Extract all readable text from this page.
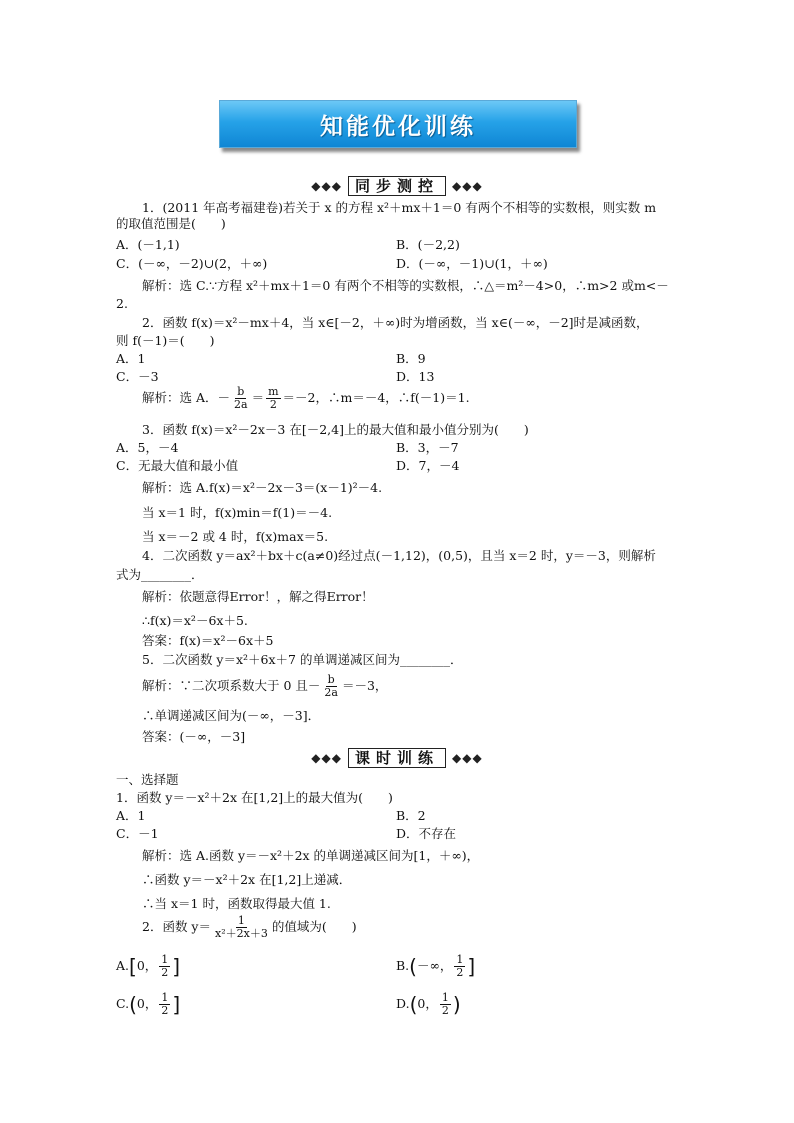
知能优化训练
◆◆◆ 同步测控	◆◆◆
1．(2011 年高考福建卷)若关于 x 的方程 x²＋mx＋1＝0 有两个不相等的实数根，则实数 m
的取值范围是(　　)
A．(－1,1)	B．(－2,2)
C．(－∞，－2)∪(2，＋∞)	D．(－∞，－1)∪(1，＋∞)
解析：选 C.∵方程 x²＋mx＋1＝0 有两个不相等的实数根，∴△＝m²－4>0，∴m>2 或m<－
2.
2．函数 f(x)＝x²－mx＋4，当 x∈[－2，＋∞)时为增函数，当 x∈(－∞，－2]时是减函数，
则 f(－1)＝(　　)
A．1	B．9
C．－3	D．13
解析：选 A．－ $\frac{b}{2a} = \frac{m}{2} =-2$，∴m＝－4，∴f(－1)＝1.
3．函数 f(x)＝x²－2x－3 在[－2,4]上的最大值和最小值分别为(　　)
A．5，－4	B．3，－7
C．无最大值和最小值	D．7，－4
解析：选 A.f(x)＝x²－2x－3＝(x－1)²－4.
当 x＝1 时，f(x)min＝f(1)＝－4.
当 x＝－2 或 4 时，f(x)max＝5.
4．二次函数 y＝ax²＋bx＋c(a≠0)经过点(－1,12)，(0,5)，且当 x＝2 时，y＝－3，则解析
式为________．
解析：依题意得Error！，解之得Error！
∴f(x)＝x²－6x＋5.
答案：f(x)＝x²－6x＋5
5．二次函数 y＝x²＋6x＋7 的单调递减区间为________．
解析：∵二次项系数大于 0 且－ $\frac{b}{2a} =-3$，
∴单调递减区间为(－∞，－3]．
答案：(－∞，－3]
◆◆◆ 课时训练	◆◆◆
一、选择题
1．函数 y＝－x²＋2x 在[1,2]上的最大值为(　　)
A．1	B．2
C．－1	D．不存在
解析：选 A.函数 y＝－x²＋2x 的单调递减区间为[1，＋∞)，
∴函数 y＝－x²＋2x 在[1,2]上递减．
∴当 x＝1 时，函数取得最大值 1.
2．函数 $y= \frac{1}{\text{x²＋2x＋3}}$ 的值域为(　　)
A.[0， $\frac{1}{2}$ ]	B.(－∞， $\frac{1}{2}$ ]
C.(0， $\frac{1}{2}$ ]	D.(0， $\frac{1}{2}$ )
